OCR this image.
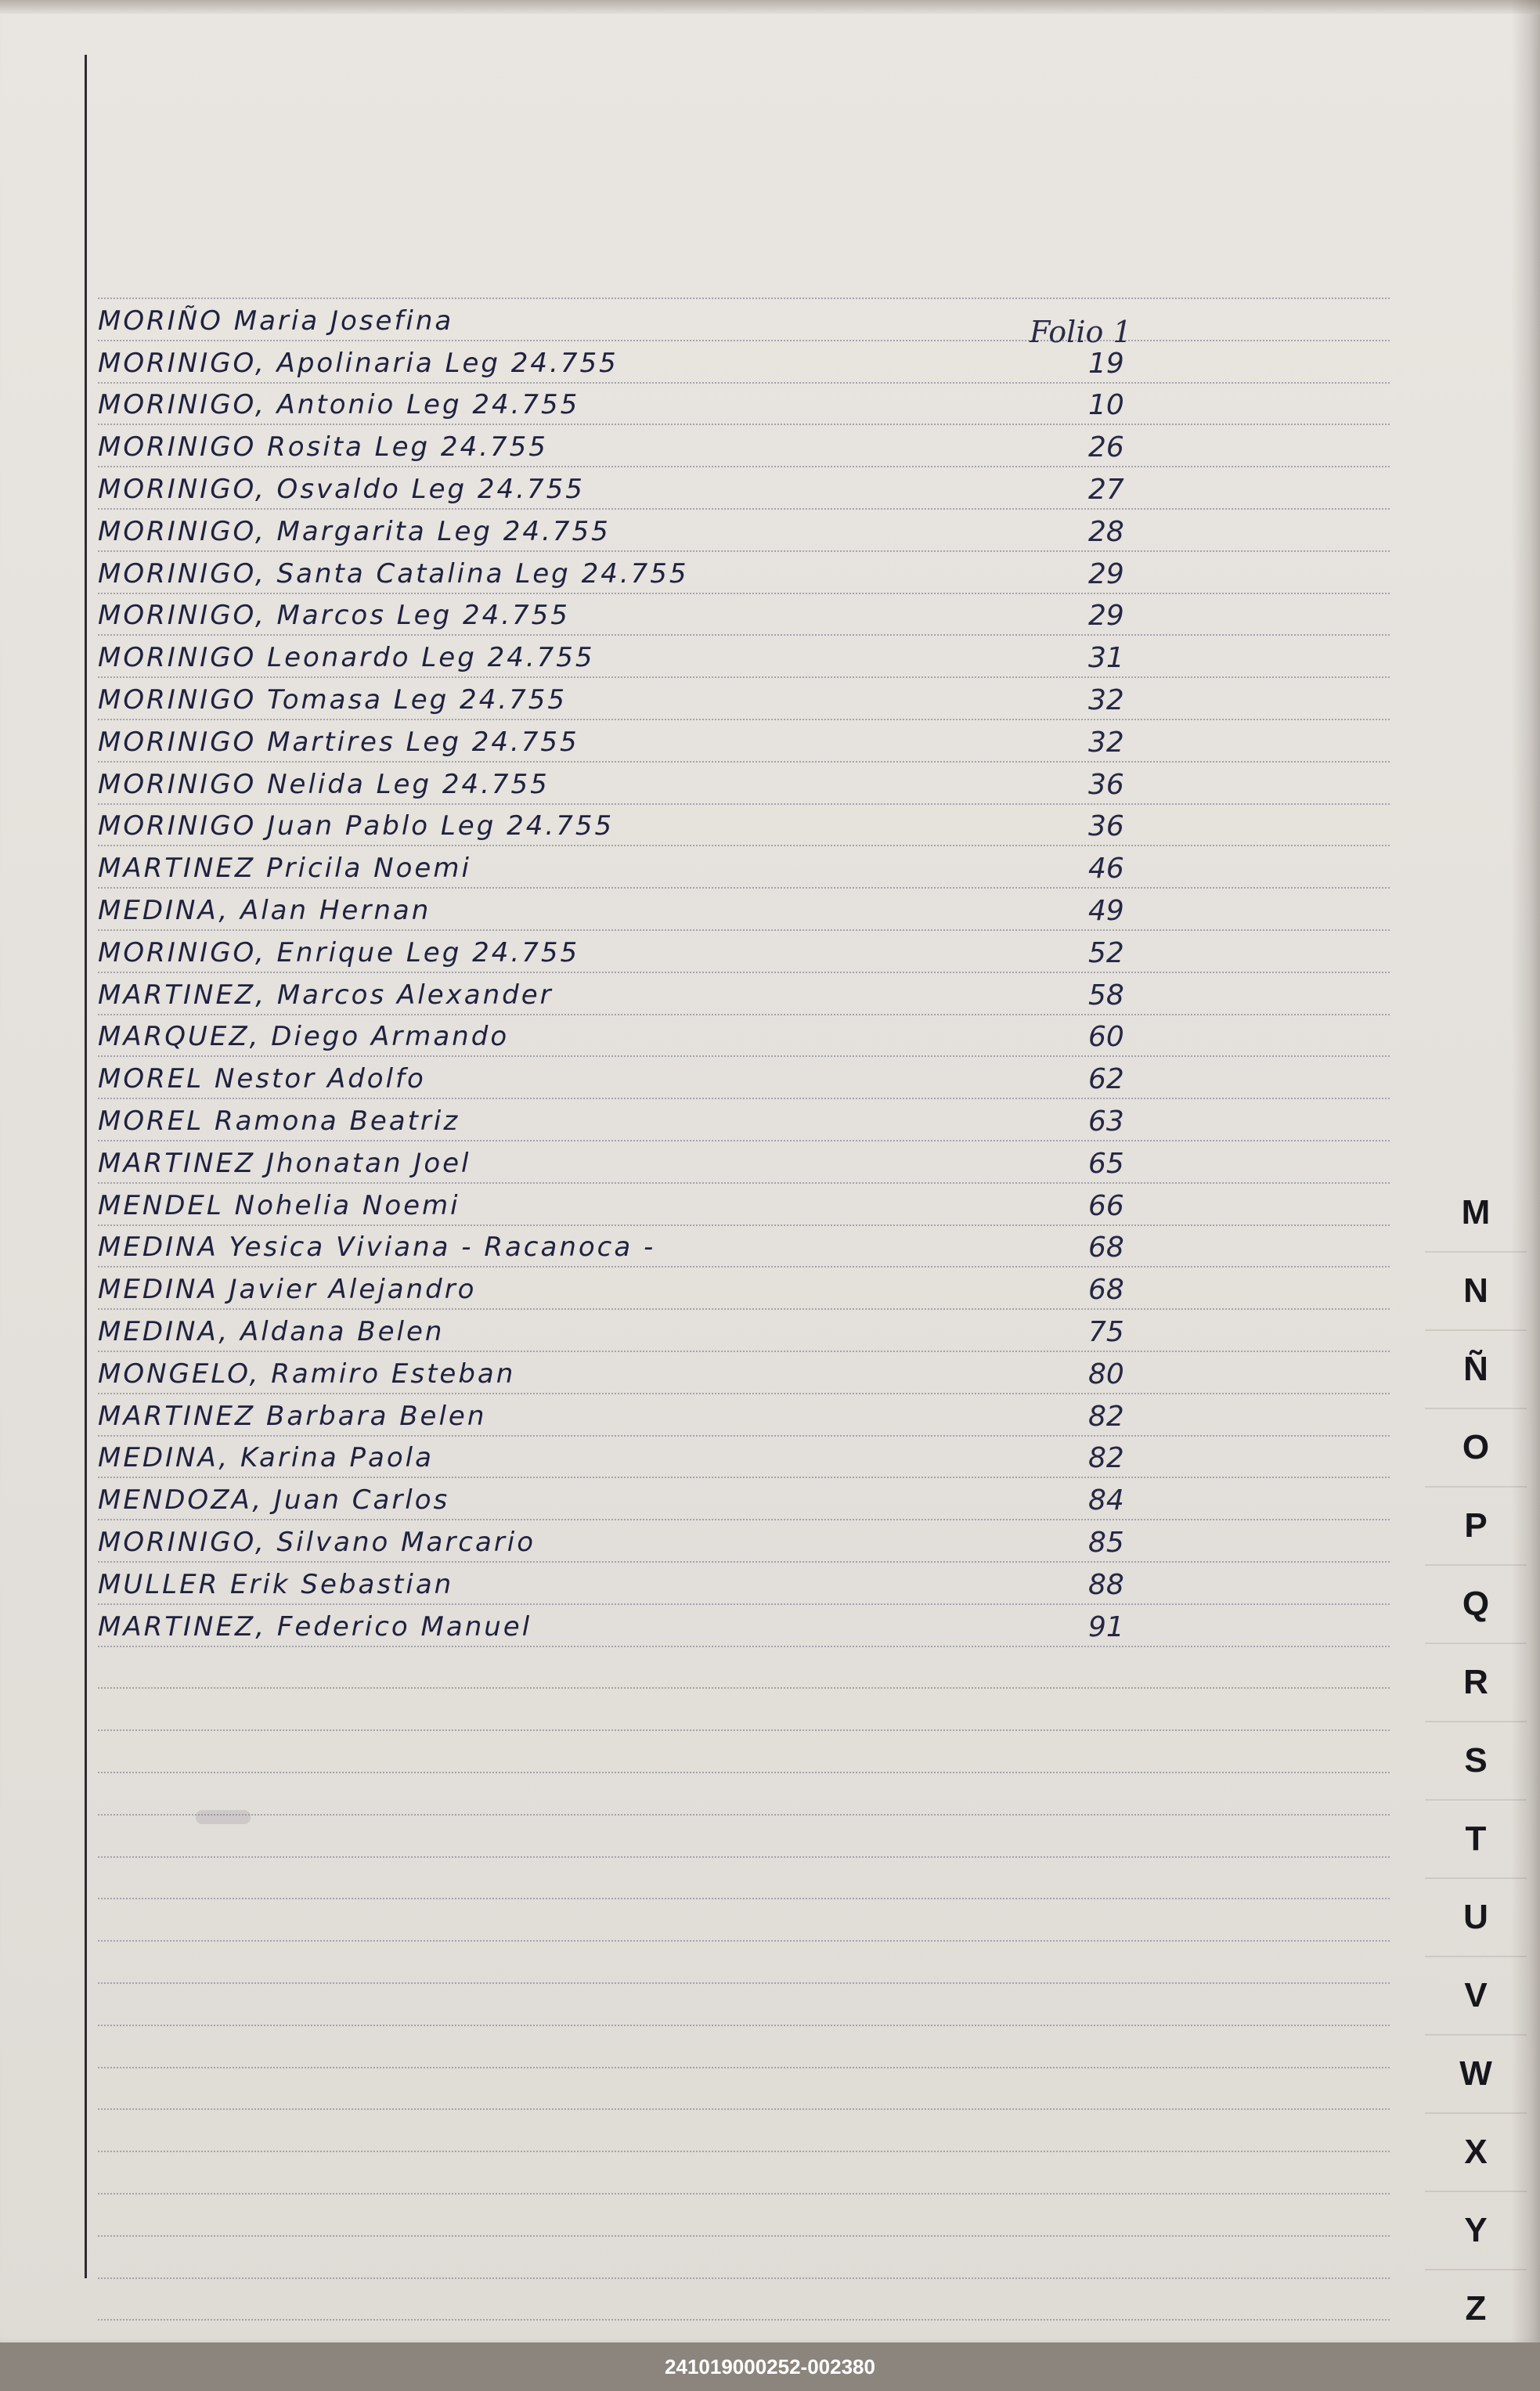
Folio 1
MORIÑO Maria Josefina
MORINIGO, Apolinaria Leg 24.755	19
MORINIGO, Antonio Leg 24.755	10
MORINIGO Rosita Leg 24.755	26
MORINIGO, Osvaldo Leg 24.755	27
MORINIGO, Margarita Leg 24.755	28
MORINIGO, Santa Catalina Leg 24.755	29
MORINIGO, Marcos Leg 24.755	29
MORINIGO Leonardo Leg 24.755	31
MORINIGO Tomasa Leg 24.755	32
MORINIGO Martires Leg 24.755	32
MORINIGO Nelida Leg 24.755	36
MORINIGO Juan Pablo Leg 24.755	36
MARTINEZ Pricila Noemi	46
MEDINA, Alan Hernan	49
MORINIGO, Enrique Leg 24.755	52
MARTINEZ, Marcos Alexander	58
MARQUEZ, Diego Armando	60
MOREL Nestor Adolfo	62
MOREL Ramona Beatriz	63
MARTINEZ Jhonatan Joel	65
MENDEL Nohelia Noemi	66
MEDINA Yesica Viviana - Racanoca -	68
MEDINA Javier Alejandro	68
MEDINA, Aldana Belen	75
MONGELO, Ramiro Esteban	80
MARTINEZ Barbara Belen	82
MEDINA, Karina Paola	82
MENDOZA, Juan Carlos	84
MORINIGO, Silvano Marcario	85
MULLER Erik Sebastian	88
MARTINEZ, Federico Manuel	91
M
N
Ñ
O
P
Q
R
S
T
U
V
W
X
Y
Z
241019000252-002380
